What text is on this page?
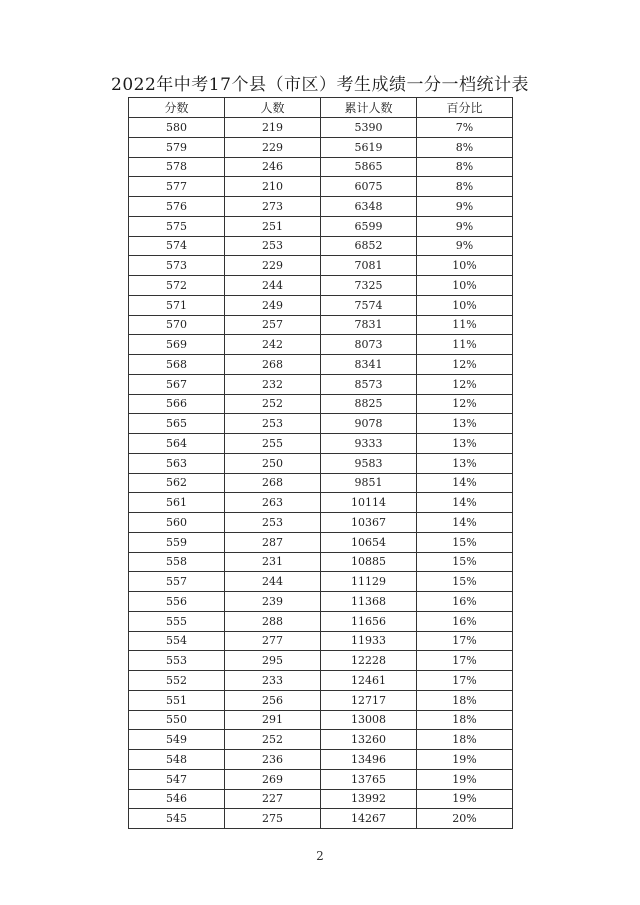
2022年中考17个县（市区）考生成绩一分一档统计表
分数	人数	累计人数	百分比
580	219	5390	7%
579	229	5619	8%
578	246	5865	8%
577	210	6075	8%
576	273	6348	9%
575	251	6599	9%
574	253	6852	9%
573	229	7081	10%
572	244	7325	10%
571	249	7574	10%
570	257	7831	11%
569	242	8073	11%
568	268	8341	12%
567	232	8573	12%
566	252	8825	12%
565	253	9078	13%
564	255	9333	13%
563	250	9583	13%
562	268	9851	14%
561	263	10114	14%
560	253	10367	14%
559	287	10654	15%
558	231	10885	15%
557	244	11129	15%
556	239	11368	16%
555	288	11656	16%
554	277	11933	17%
553	295	12228	17%
552	233	12461	17%
551	256	12717	18%
550	291	13008	18%
549	252	13260	18%
548	236	13496	19%
547	269	13765	19%
546	227	13992	19%
545	275	14267	20%
2
